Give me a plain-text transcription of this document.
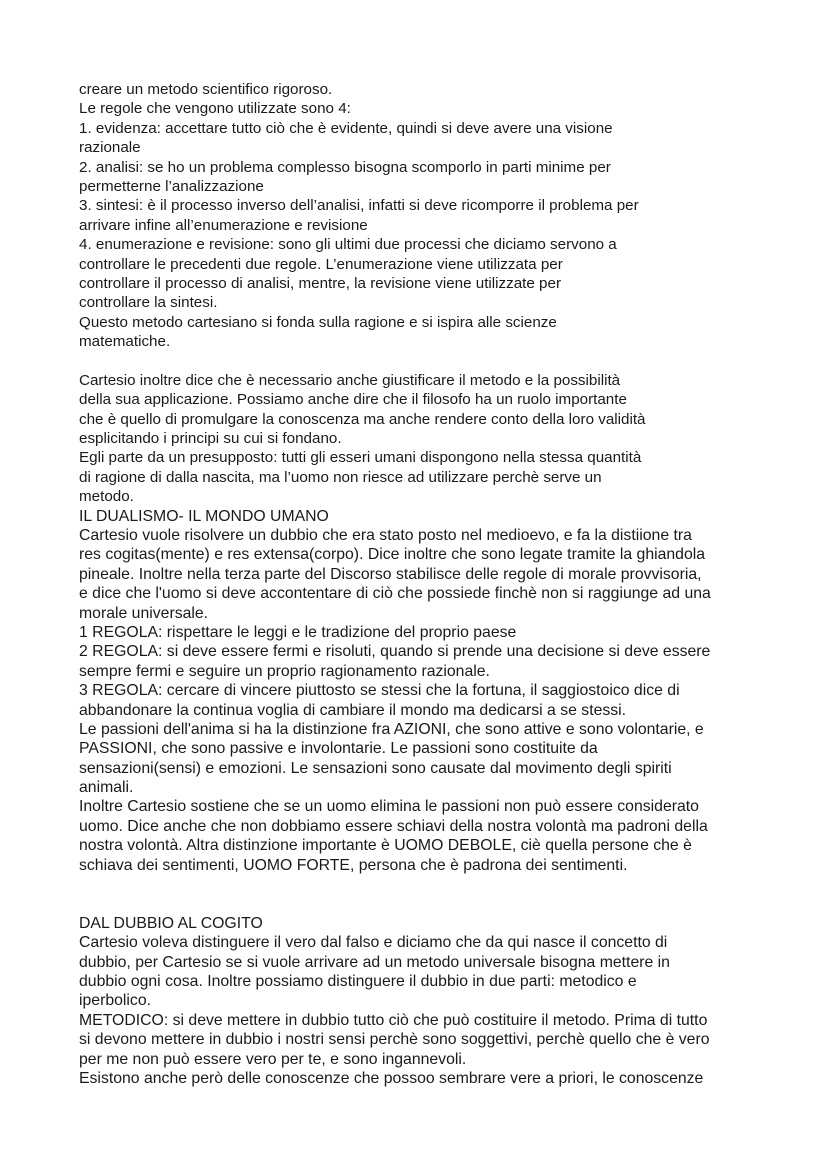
creare un metodo scientifico rigoroso.
Le regole che vengono utilizzate sono 4:
1. evidenza: accettare tutto ciò che è evidente, quindi si deve avere una visione
razionale
2. analisi: se ho un problema complesso bisogna scomporlo in parti minime per
permetterne l’analizzazione
3. sintesi: è il processo inverso dell’analisi, infatti si deve ricomporre il problema per
arrivare infine all’enumerazione e revisione
4. enumerazione e revisione: sono gli ultimi due processi che diciamo servono a
controllare le precedenti due regole. L’enumerazione viene utilizzata per
controllare il processo di analisi, mentre, la revisione viene utilizzate per
controllare la sintesi.
Questo metodo cartesiano si fonda sulla ragione e si ispira alle scienze
matematiche.
Cartesio inoltre dice che è necessario anche giustificare il metodo e la possibilità
della sua applicazione. Possiamo anche dire che il filosofo ha un ruolo importante
che è quello di promulgare la conoscenza ma anche rendere conto della loro validità
esplicitando i principi su cui si fondano.
Egli parte da un presupposto: tutti gli esseri umani dispongono nella stessa quantità
di ragione di dalla nascita, ma l’uomo non riesce ad utilizzare perchè serve un
metodo.
IL DUALISMO- IL MONDO UMANO
Cartesio vuole risolvere un dubbio che era stato posto nel medioevo, e fa la distiione tra
res cogitas(mente) e res extensa(corpo). Dice inoltre che sono legate tramite la ghiandola
pineale. Inoltre nella terza parte del Discorso stabilisce delle regole di morale provvisoria,
e dice che l'uomo si deve accontentare di ciò che possiede finchè non si raggiunge ad una
morale universale.
1 REGOLA: rispettare le leggi e le tradizione del proprio paese
2 REGOLA: si deve essere fermi e risoluti, quando si prende una decisione si deve essere
sempre fermi e seguire un proprio ragionamento razionale.
3 REGOLA: cercare di vincere piuttosto se stessi che la fortuna, il saggiostoico dice di
abbandonare la continua voglia di cambiare il mondo ma dedicarsi a se stessi.
Le passioni dell'anima si ha la distinzione fra AZIONI, che sono attive e sono volontarie, e
PASSIONI, che sono passive e involontarie. Le passioni sono costituite da
sensazioni(sensi) e emozioni. Le sensazioni sono causate dal movimento degli spiriti
animali.
Inoltre Cartesio sostiene che se un uomo elimina le passioni non può essere considerato
uomo. Dice anche che non dobbiamo essere schiavi della nostra volontà ma padroni della
nostra volontà. Altra distinzione importante è UOMO DEBOLE, ciè quella persone che è
schiava dei sentimenti, UOMO FORTE, persona che è padrona dei sentimenti.
DAL DUBBIO AL COGITO
Cartesio voleva distinguere il vero dal falso e diciamo che da qui nasce il concetto di
dubbio, per Cartesio se si vuole arrivare ad un metodo universale bisogna mettere in
dubbio ogni cosa. Inoltre possiamo distinguere il dubbio in due parti: metodico e
iperbolico.
METODICO: si deve mettere in dubbio tutto ciò che può costituire il metodo. Prima di tutto
si devono mettere in dubbio i nostri sensi perchè sono soggettivi, perchè quello che è vero
per me non può essere vero per te, e sono ingannevoli.
Esistono anche però delle conoscenze che possoo sembrare vere a priori, le conoscenze
